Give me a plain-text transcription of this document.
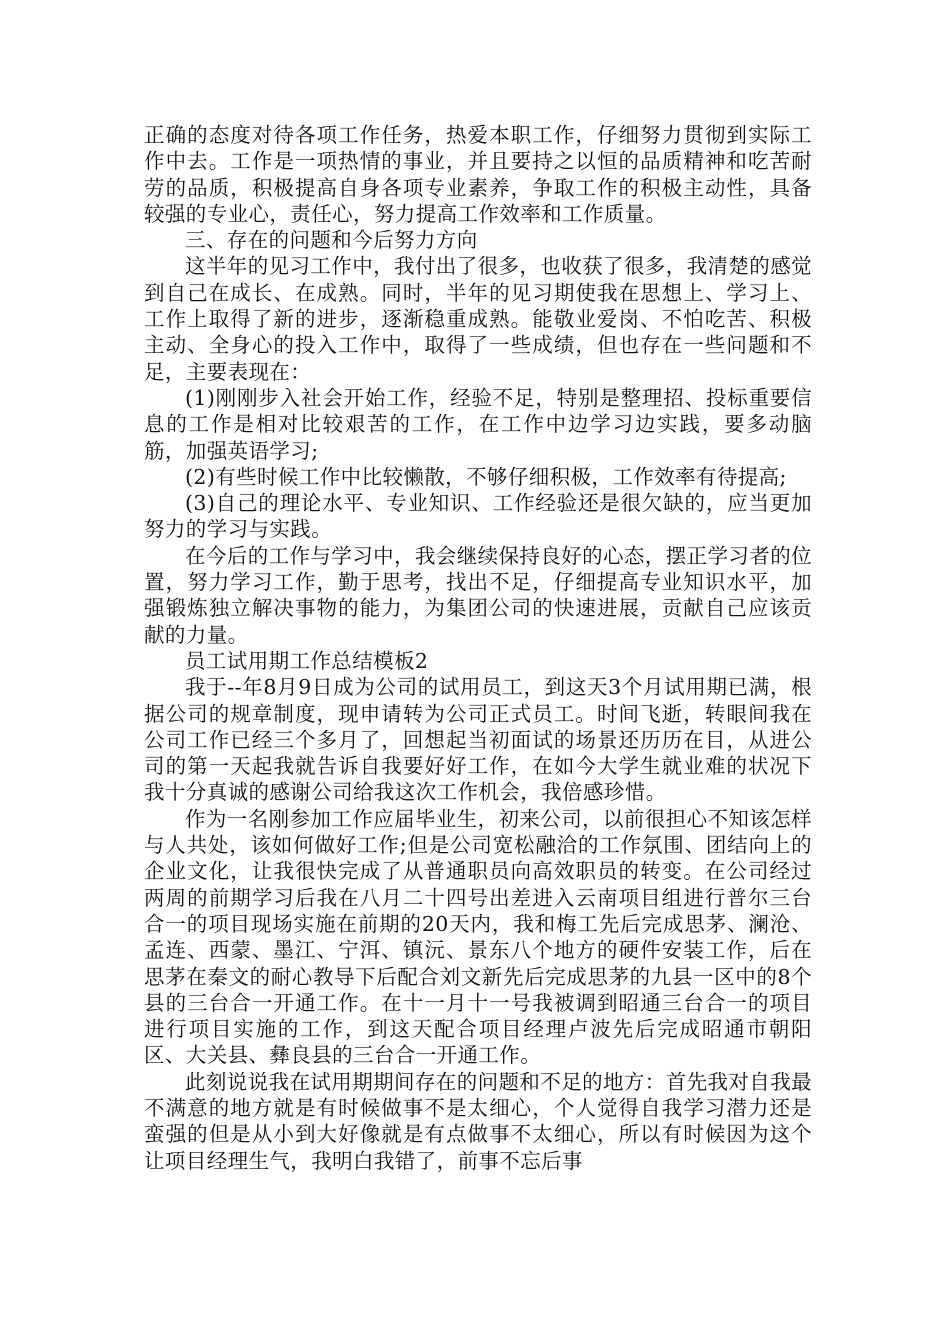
正确的态度对待各项工作任务，热爱本职工作，仔细努力贯彻到实际工作中去。工作是一项热情的事业，并且要持之以恒的品质精神和吃苦耐劳的品质，积极提高自身各项专业素养，争取工作的积极主动性，具备较强的专业心，责任心，努力提高工作效率和工作质量。

三、存在的问题和今后努力方向

这半年的见习工作中，我付出了很多，也收获了很多，我清楚的感觉到自己在成长、在成熟。同时，半年的见习期使我在思想上、学习上、工作上取得了新的进步，逐渐稳重成熟。能敬业爱岗、不怕吃苦、积极主动、全身心的投入工作中，取得了一些成绩，但也存在一些问题和不足，主要表现在：

(1)刚刚步入社会开始工作，经验不足，特别是整理招、投标重要信息的工作是相对比较艰苦的工作，在工作中边学习边实践，要多动脑筋，加强英语学习;

(2)有些时候工作中比较懒散，不够仔细积极，工作效率有待提高;

(3)自己的理论水平、专业知识、工作经验还是很欠缺的，应当更加努力的学习与实践。

在今后的工作与学习中，我会继续保持良好的心态，摆正学习者的位置，努力学习工作，勤于思考，找出不足，仔细提高专业知识水平，加强锻炼独立解决事物的能力，为集团公司的快速进展，贡献自己应该贡献的力量。

员工试用期工作总结模板2

我于--年8月9日成为公司的试用员工，到这天3个月试用期已满，根据公司的规章制度，现申请转为公司正式员工。时间飞逝，转眼间我在公司工作已经三个多月了，回想起当初面试的场景还历历在目，从进公司的第一天起我就告诉自我要好好工作，在如今大学生就业难的状况下我十分真诚的感谢公司给我这次工作机会，我倍感珍惜。

作为一名刚参加工作应届毕业生，初来公司，以前很担心不知该怎样与人共处，该如何做好工作;但是公司宽松融洽的工作氛围、团结向上的企业文化，让我很快完成了从普通职员向高效职员的转变。在公司经过两周的前期学习后我在八月二十四号出差进入云南项目组进行普尔三台合一的项目现场实施在前期的20天内，我和梅工先后完成思茅、澜沧、孟连、西蒙、墨江、宁洱、镇沅、景东八个地方的硬件安装工作，后在思茅在秦文的耐心教导下后配合刘文新先后完成思茅的九县一区中的8个县的三台合一开通工作。在十一月十一号我被调到昭通三台合一的项目进行项目实施的工作，到这天配合项目经理卢波先后完成昭通市朝阳区、大关县、彝良县的三台合一开通工作。

此刻说说我在试用期期间存在的问题和不足的地方：首先我对自我最不满意的地方就是有时候做事不是太细心，个人觉得自我学习潜力还是蛮强的但是从小到大好像就是有点做事不太细心，所以有时候因为这个让项目经理生气，我明白我错了，前事不忘后事
